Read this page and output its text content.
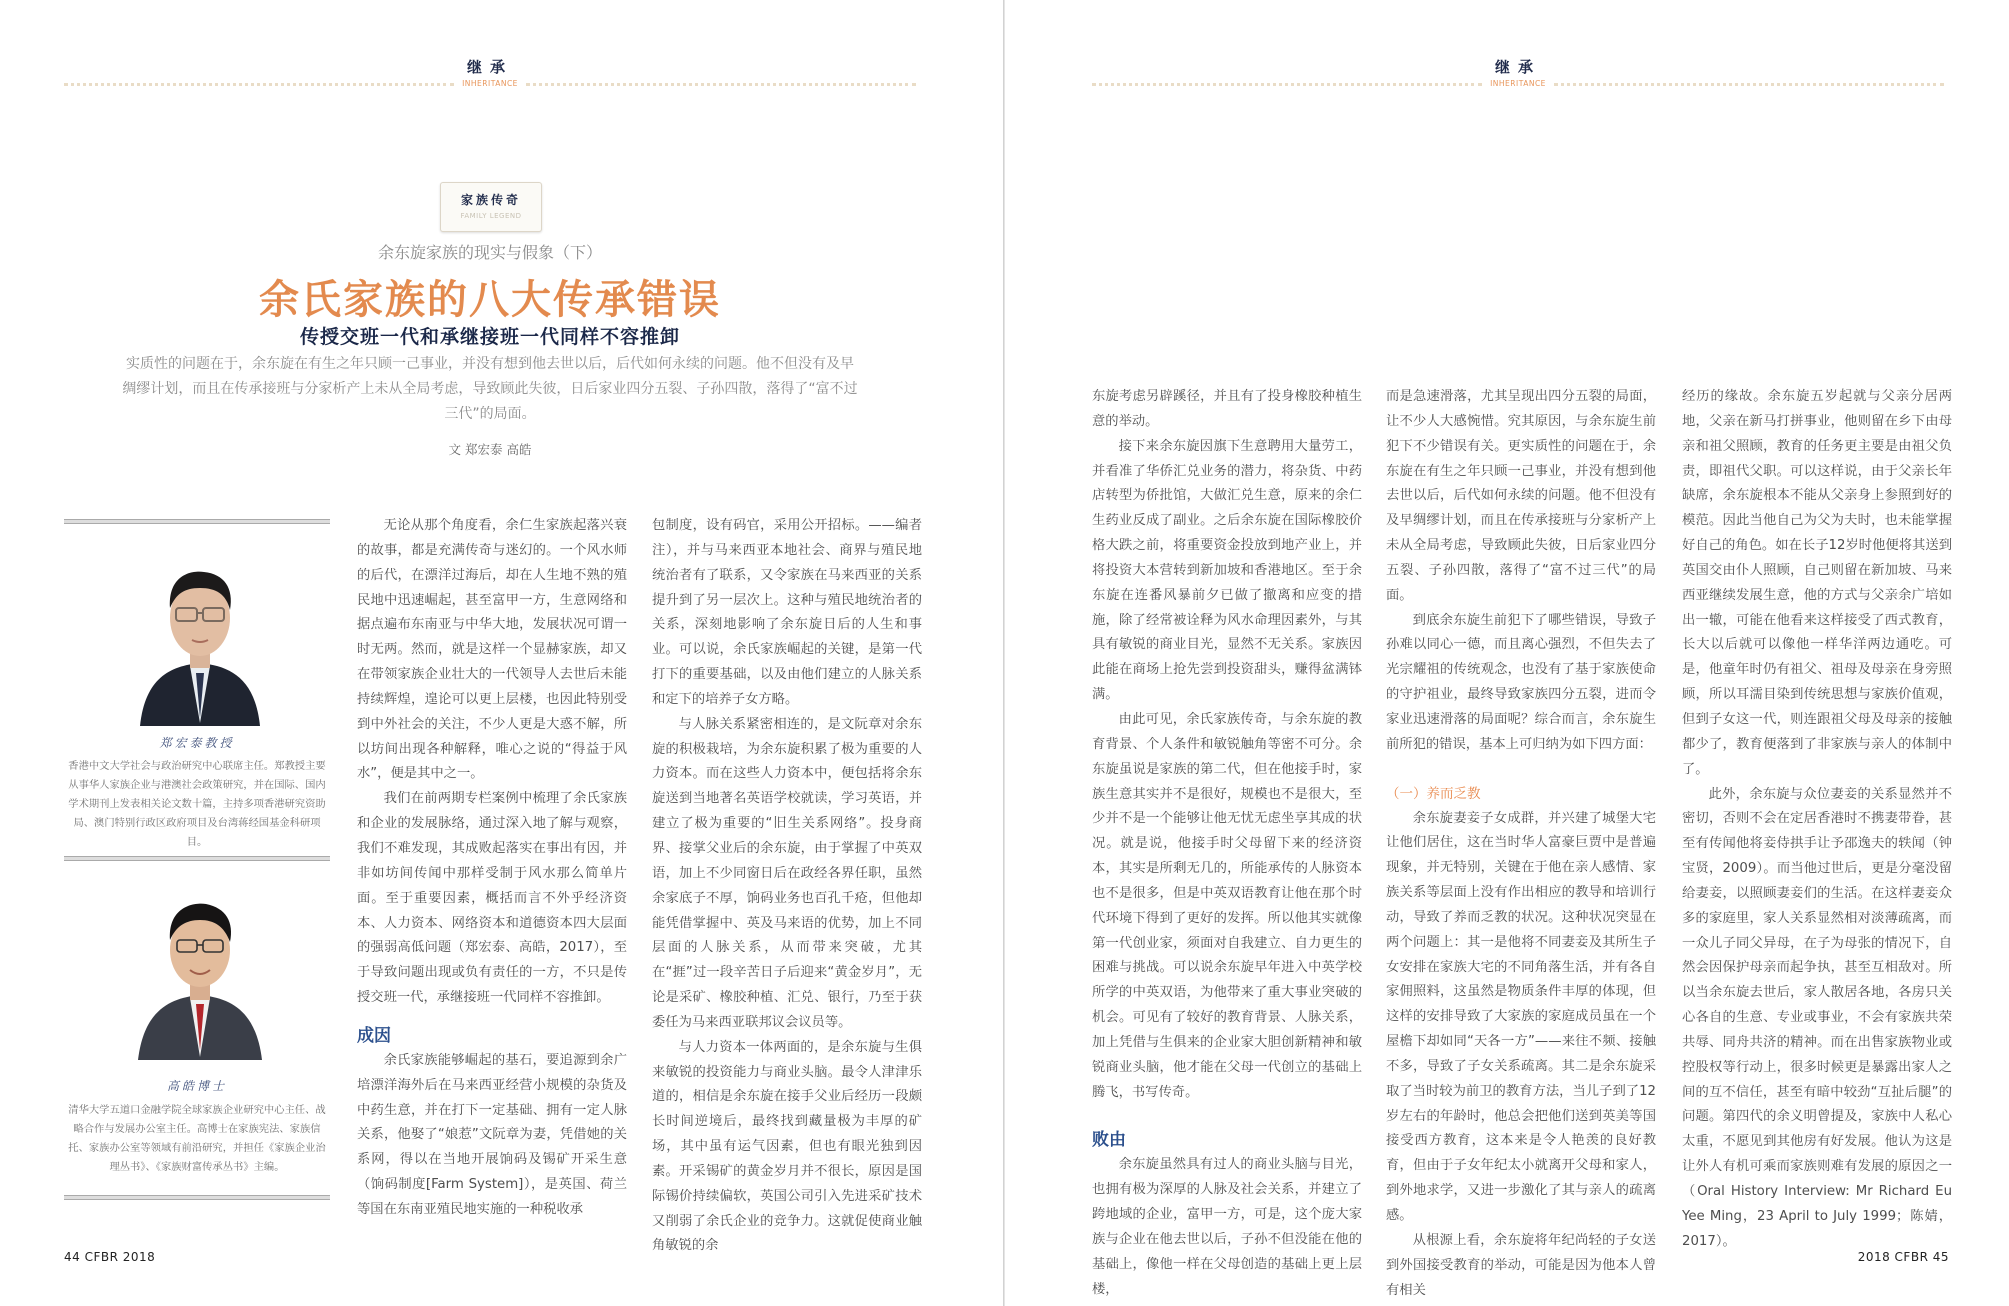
继承
INHERITANCE
继承
INHERITANCE
家族传奇
FAMILY LEGEND
余东旋家族的现实与假象（下）
余氏家族的八大传承错误
传授交班一代和承继接班一代同样不容推卸
实质性的问题在于，余东旋在有生之年只顾一己事业，并没有想到他去世以后，后代如何永续的问题。他不但没有及早绸缪计划，而且在传承接班与分家析产上未从全局考虑，导致顾此失彼，日后家业四分五裂、子孙四散，落得了“富不过三代”的局面。
文 郑宏泰 高皓
郑宏泰教授
香港中文大学社会与政治研究中心联席主任。郑教授主要从事华人家族企业与港澳社会政策研究，并在国际、国内学术期刊上发表相关论文数十篇，主持多项香港研究资助局、澳门特别行政区政府项目及台湾蒋经国基金科研项目。
高皓博士
清华大学五道口金融学院全球家族企业研究中心主任、战略合作与发展办公室主任。高博士在家族宪法、家族信托、家族办公室等领域有前沿研究，并担任《家族企业治理丛书》、《家族财富传承丛书》主编。

无论从那个角度看，余仁生家族起落兴衰的故事，都是充满传奇与迷幻的。一个风水师的后代，在漂洋过海后，却在人生地不熟的殖民地中迅速崛起，甚至富甲一方，生意网络和据点遍布东南亚与中华大地，发展状况可谓一时无两。然而，就是这样一个显赫家族，却又在带领家族企业壮大的一代领导人去世后未能持续辉煌，遑论可以更上层楼，也因此特别受到中外社会的关注，不少人更是大惑不解，所以坊间出现各种解释，唯心之说的“得益于风水”，便是其中之一。

我们在前两期专栏案例中梳理了余氏家族和企业的发展脉络，通过深入地了解与观察，我们不难发现，其成败起落实在事出有因，并非如坊间传闻中那样受制于风水那么简单片面。至于重要因素，概括而言不外乎经济资本、人力资本、网络资本和道德资本四大层面的强弱高低问题（郑宏泰、高皓，2017），至于导致问题出现或负有责任的一方，不只是传授交班一代，承继接班一代同样不容推卸。

成因

余氏家族能够崛起的基石，要追源到余广培漂洋海外后在马来西亚经营小规模的杂货及中药生意，并在打下一定基础、拥有一定人脉关系，他娶了“娘惹”文阮章为妻，凭借她的关系网，得以在当地开展饷码及锡矿开采生意（饷码制度[Farm System]），是英国、荷兰等国在东南亚殖民地实施的一种税收承

包制度，设有码官，采用公开招标。——编者注），并与马来西亚本地社会、商界与殖民地统治者有了联系，又令家族在马来西亚的关系提升到了另一层次上。这种与殖民地统治者的关系，深刻地影响了余东旋日后的人生和事业。可以说，余氏家族崛起的关键，是第一代打下的重要基础，以及由他们建立的人脉关系和定下的培养子女方略。

与人脉关系紧密相连的，是文阮章对余东旋的积极栽培，为余东旋积累了极为重要的人力资本。而在这些人力资本中，便包括将余东旋送到当地著名英语学校就读，学习英语，并建立了极为重要的“旧生关系网络”。投身商界、接掌父业后的余东旋，由于掌握了中英双语，加上不少同窗日后在政经各界任职，虽然余家底子不厚，饷码业务也百孔千疮，但他却能凭借掌握中、英及马来语的优势，加上不同层面的人脉关系，从而带来突破，尤其在“捱”过一段辛苦日子后迎来“黄金岁月”，无论是采矿、橡胶种植、汇兑、银行，乃至于获委任为马来西亚联邦议会议员等。

与人力资本一体两面的，是余东旋与生俱来敏锐的投资能力与商业头脑。最令人津津乐道的，相信是余东旋在接手父业后经历一段颇长时间逆境后，最终找到藏量极为丰厚的矿场，其中虽有运气因素，但也有眼光独到因素。开采锡矿的黄金岁月并不很长，原因是国际锡价持续偏软，英国公司引入先进采矿技术又削弱了余氏企业的竞争力。这就促使商业触角敏锐的余

东旋考虑另辟蹊径，并且有了投身橡胶种植生意的举动。

接下来余东旋因旗下生意聘用大量劳工，并看准了华侨汇兑业务的潜力，将杂货、中药店转型为侨批馆，大做汇兑生意，原来的余仁生药业反成了副业。之后余东旋在国际橡胶价格大跌之前，将重要资金投放到地产业上，并将投资大本营转到新加坡和香港地区。至于余东旋在连番风暴前夕已做了撤离和应变的措施，除了经常被诠释为风水命理因素外，与其具有敏锐的商业目光，显然不无关系。家族因此能在商场上抢先尝到投资甜头，赚得盆满钵满。

由此可见，余氏家族传奇，与余东旋的教育背景、个人条件和敏锐触角等密不可分。余东旋虽说是家族的第二代，但在他接手时，家族生意其实并不是很好，规模也不是很大，至少并不是一个能够让他无忧无虑坐享其成的状况。就是说，他接手时父母留下来的经济资本，其实是所剩无几的，所能承传的人脉资本也不是很多，但是中英双语教育让他在那个时代环境下得到了更好的发挥。所以他其实就像第一代创业家，须面对自我建立、自力更生的困难与挑战。可以说余东旋早年进入中英学校所学的中英双语，为他带来了重大事业突破的机会。可见有了较好的教育背景、人脉关系，加上凭借与生俱来的企业家大胆创新精神和敏锐商业头脑，他才能在父母一代创立的基础上腾飞，书写传奇。

败由

余东旋虽然具有过人的商业头脑与目光，也拥有极为深厚的人脉及社会关系，并建立了跨地域的企业，富甲一方，可是，这个庞大家族与企业在他去世以后，子孙不但没能在他的基础上，像他一样在父母创造的基础上更上层楼，

而是急速滑落，尤其呈现出四分五裂的局面，让不少人大感惋惜。究其原因，与余东旋生前犯下不少错误有关。更实质性的问题在于，余东旋在有生之年只顾一己事业，并没有想到他去世以后，后代如何永续的问题。他不但没有及早绸缪计划，而且在传承接班与分家析产上未从全局考虑，导致顾此失彼，日后家业四分五裂、子孙四散，落得了“富不过三代”的局面。

到底余东旋生前犯下了哪些错误，导致子孙难以同心一德，而且离心强烈，不但失去了光宗耀祖的传统观念，也没有了基于家族使命的守护祖业，最终导致家族四分五裂，进而令家业迅速滑落的局面呢？综合而言，余东旋生前所犯的错误，基本上可归纳为如下四方面：

（一）养而乏教

余东旋妻妾子女成群，并兴建了城堡大宅让他们居住，这在当时华人富豪巨贾中是普遍现象，并无特别，关键在于他在亲人感情、家族关系等层面上没有作出相应的教导和培训行动，导致了养而乏教的状况。这种状况突显在两个问题上：其一是他将不同妻妾及其所生子女安排在家族大宅的不同角落生活，并有各自家佣照料，这虽然是物质条件丰厚的体现，但这样的安排导致了大家族的家庭成员虽在一个屋檐下却如同“天各一方”——来往不频、接触不多，导致了子女关系疏离。其二是余东旋采取了当时较为前卫的教育方法，当儿子到了12岁左右的年龄时，他总会把他们送到英美等国接受西方教育，这本来是令人艳羡的良好教育，但由于子女年纪太小就离开父母和家人，到外地求学，又进一步激化了其与亲人的疏离感。

从根源上看，余东旋将年纪尚轻的子女送到外国接受教育的举动，可能是因为他本人曾有相关

经历的缘故。余东旋五岁起就与父亲分居两地，父亲在新马打拼事业，他则留在乡下由母亲和祖父照顾，教育的任务更主要是由祖父负责，即祖代父职。可以这样说，由于父亲长年缺席，余东旋根本不能从父亲身上参照到好的模范。因此当他自己为父为夫时，也未能掌握好自己的角色。如在长子12岁时他便将其送到英国交由仆人照顾，自己则留在新加坡、马来西亚继续发展生意，他的方式与父亲余广培如出一辙，可能在他看来这样接受了西式教育，长大以后就可以像他一样华洋两边通吃。可是，他童年时仍有祖父、祖母及母亲在身旁照顾，所以耳濡目染到传统思想与家族价值观，但到子女这一代，则连跟祖父母及母亲的接触都少了，教育便落到了非家族与亲人的体制中了。

此外，余东旋与众位妻妾的关系显然并不密切，否则不会在定居香港时不携妻带眷，甚至有传闻他将妾侍拱手让予邵逸夫的轶闻（钟宝贤，2009）。而当他过世后，更是分毫没留给妻妾，以照顾妻妾们的生活。在这样妻妾众多的家庭里，家人关系显然相对淡薄疏离，而一众儿子同父异母，在子为母张的情况下，自然会因保护母亲而起争执，甚至互相敌对。所以当余东旋去世后，家人散居各地，各房只关心各自的生意、专业或事业，不会有家族共荣共辱、同舟共济的精神。而在出售家族物业或控股权等行动上，很多时候更是暴露出家人之间的互不信任，甚至有暗中较劲“互扯后腿”的问题。第四代的余义明曾提及，家族中人私心太重，不愿见到其他房有好发展。他认为这是让外人有机可乘而家族则难有发展的原因之一（Oral History Interview: Mr Richard Eu Yee Ming，23 April to July 1999；陈婧，2017）。

44 CFBR 2018	2018 CFBR 45
